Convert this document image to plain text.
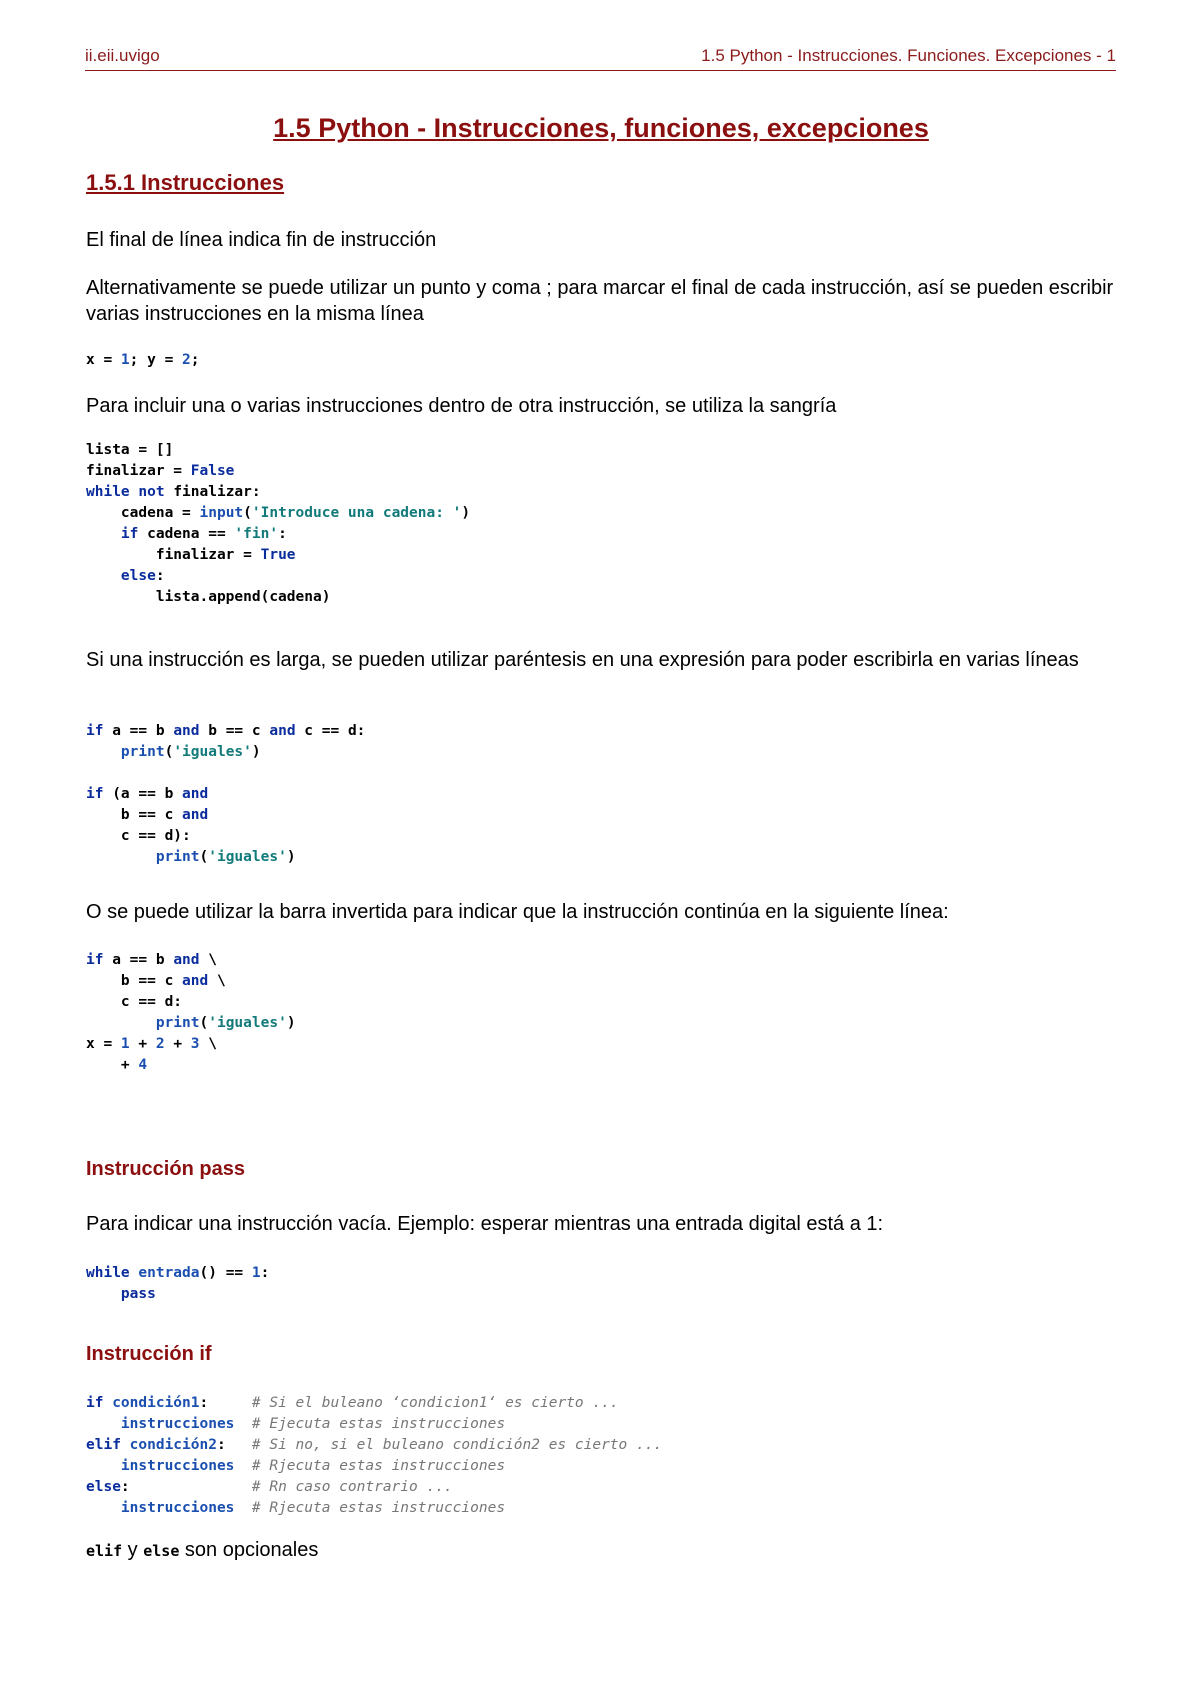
ii.eii.uvigo	1.5 Python - Instrucciones. Funciones. Excepciones - 1
1.5 Python - Instrucciones, funciones, excepciones
1.5.1 Instrucciones

El final de línea indica fin de instrucción

Alternativamente se puede utilizar un punto y coma ; para marcar el final de cada instrucción, así se pueden escribir varias instrucciones en la misma línea

x = 1; y = 2;

Para incluir una o varias instrucciones dentro de otra instrucción, se utiliza la sangría

lista = []
finalizar = False
while not finalizar:
cadena = input('Introduce una cadena: ')
if cadena == 'fin':
finalizar = True
else:
lista.append(cadena)

Si una instrucción es larga, se pueden utilizar paréntesis en una expresión para poder escribirla en varias líneas

if a == b and b == c and c == d:
print('iguales')

if (a == b and
b == c and
c == d):
print('iguales')

O se puede utilizar la barra invertida para indicar que la instrucción continúa en la siguiente línea:

if a == b and \
b == c and \
c == d:
print('iguales')
x = 1 + 2 + 3 \
+ 4
Instrucción pass

Para indicar una instrucción vacía. Ejemplo: esperar mientras una entrada digital está a 1:

while entrada() == 1:
pass
Instrucción if
if condición1:     # Si el buleano ‘condicion1‘ es cierto ...
instrucciones # Ejecuta estas instrucciones
elif condición2:   # Si no, si el buleano condición2 es cierto ...
instrucciones # Rjecuta estas instrucciones
else:              # Rn caso contrario ...
instrucciones # Rjecuta estas instrucciones

elif y else son opcionales
